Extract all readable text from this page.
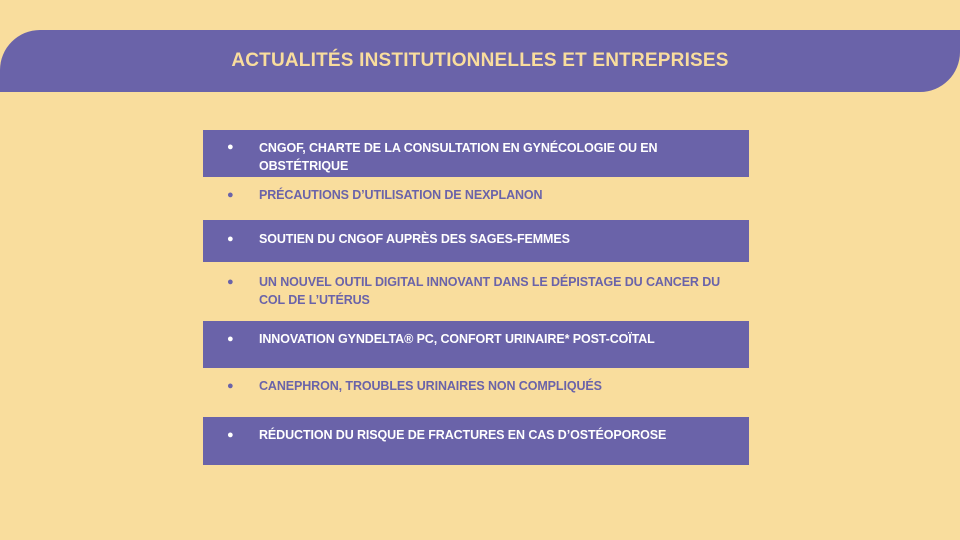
ACTUALITÉS INSTITUTIONNELLES ET ENTREPRISES
● CNGOF, CHARTE DE LA CONSULTATION EN GYNÉCOLOGIE OU EN OBSTÉTRIQUE
● PRÉCAUTIONS D’UTILISATION DE NEXPLANON
● SOUTIEN DU CNGOF AUPRÈS DES SAGES-FEMMES
● UN NOUVEL OUTIL DIGITAL INNOVANT DANS LE DÉPISTAGE DU CANCER DU COL DE L’UTÉRUS
● INNOVATION GYNDELTA® PC, CONFORT URINAIRE* POST-COÏTAL
● CANEPHRON, TROUBLES URINAIRES NON COMPLIQUÉS
● RÉDUCTION DU RISQUE DE FRACTURES EN CAS D’OSTÉOPOROSE
